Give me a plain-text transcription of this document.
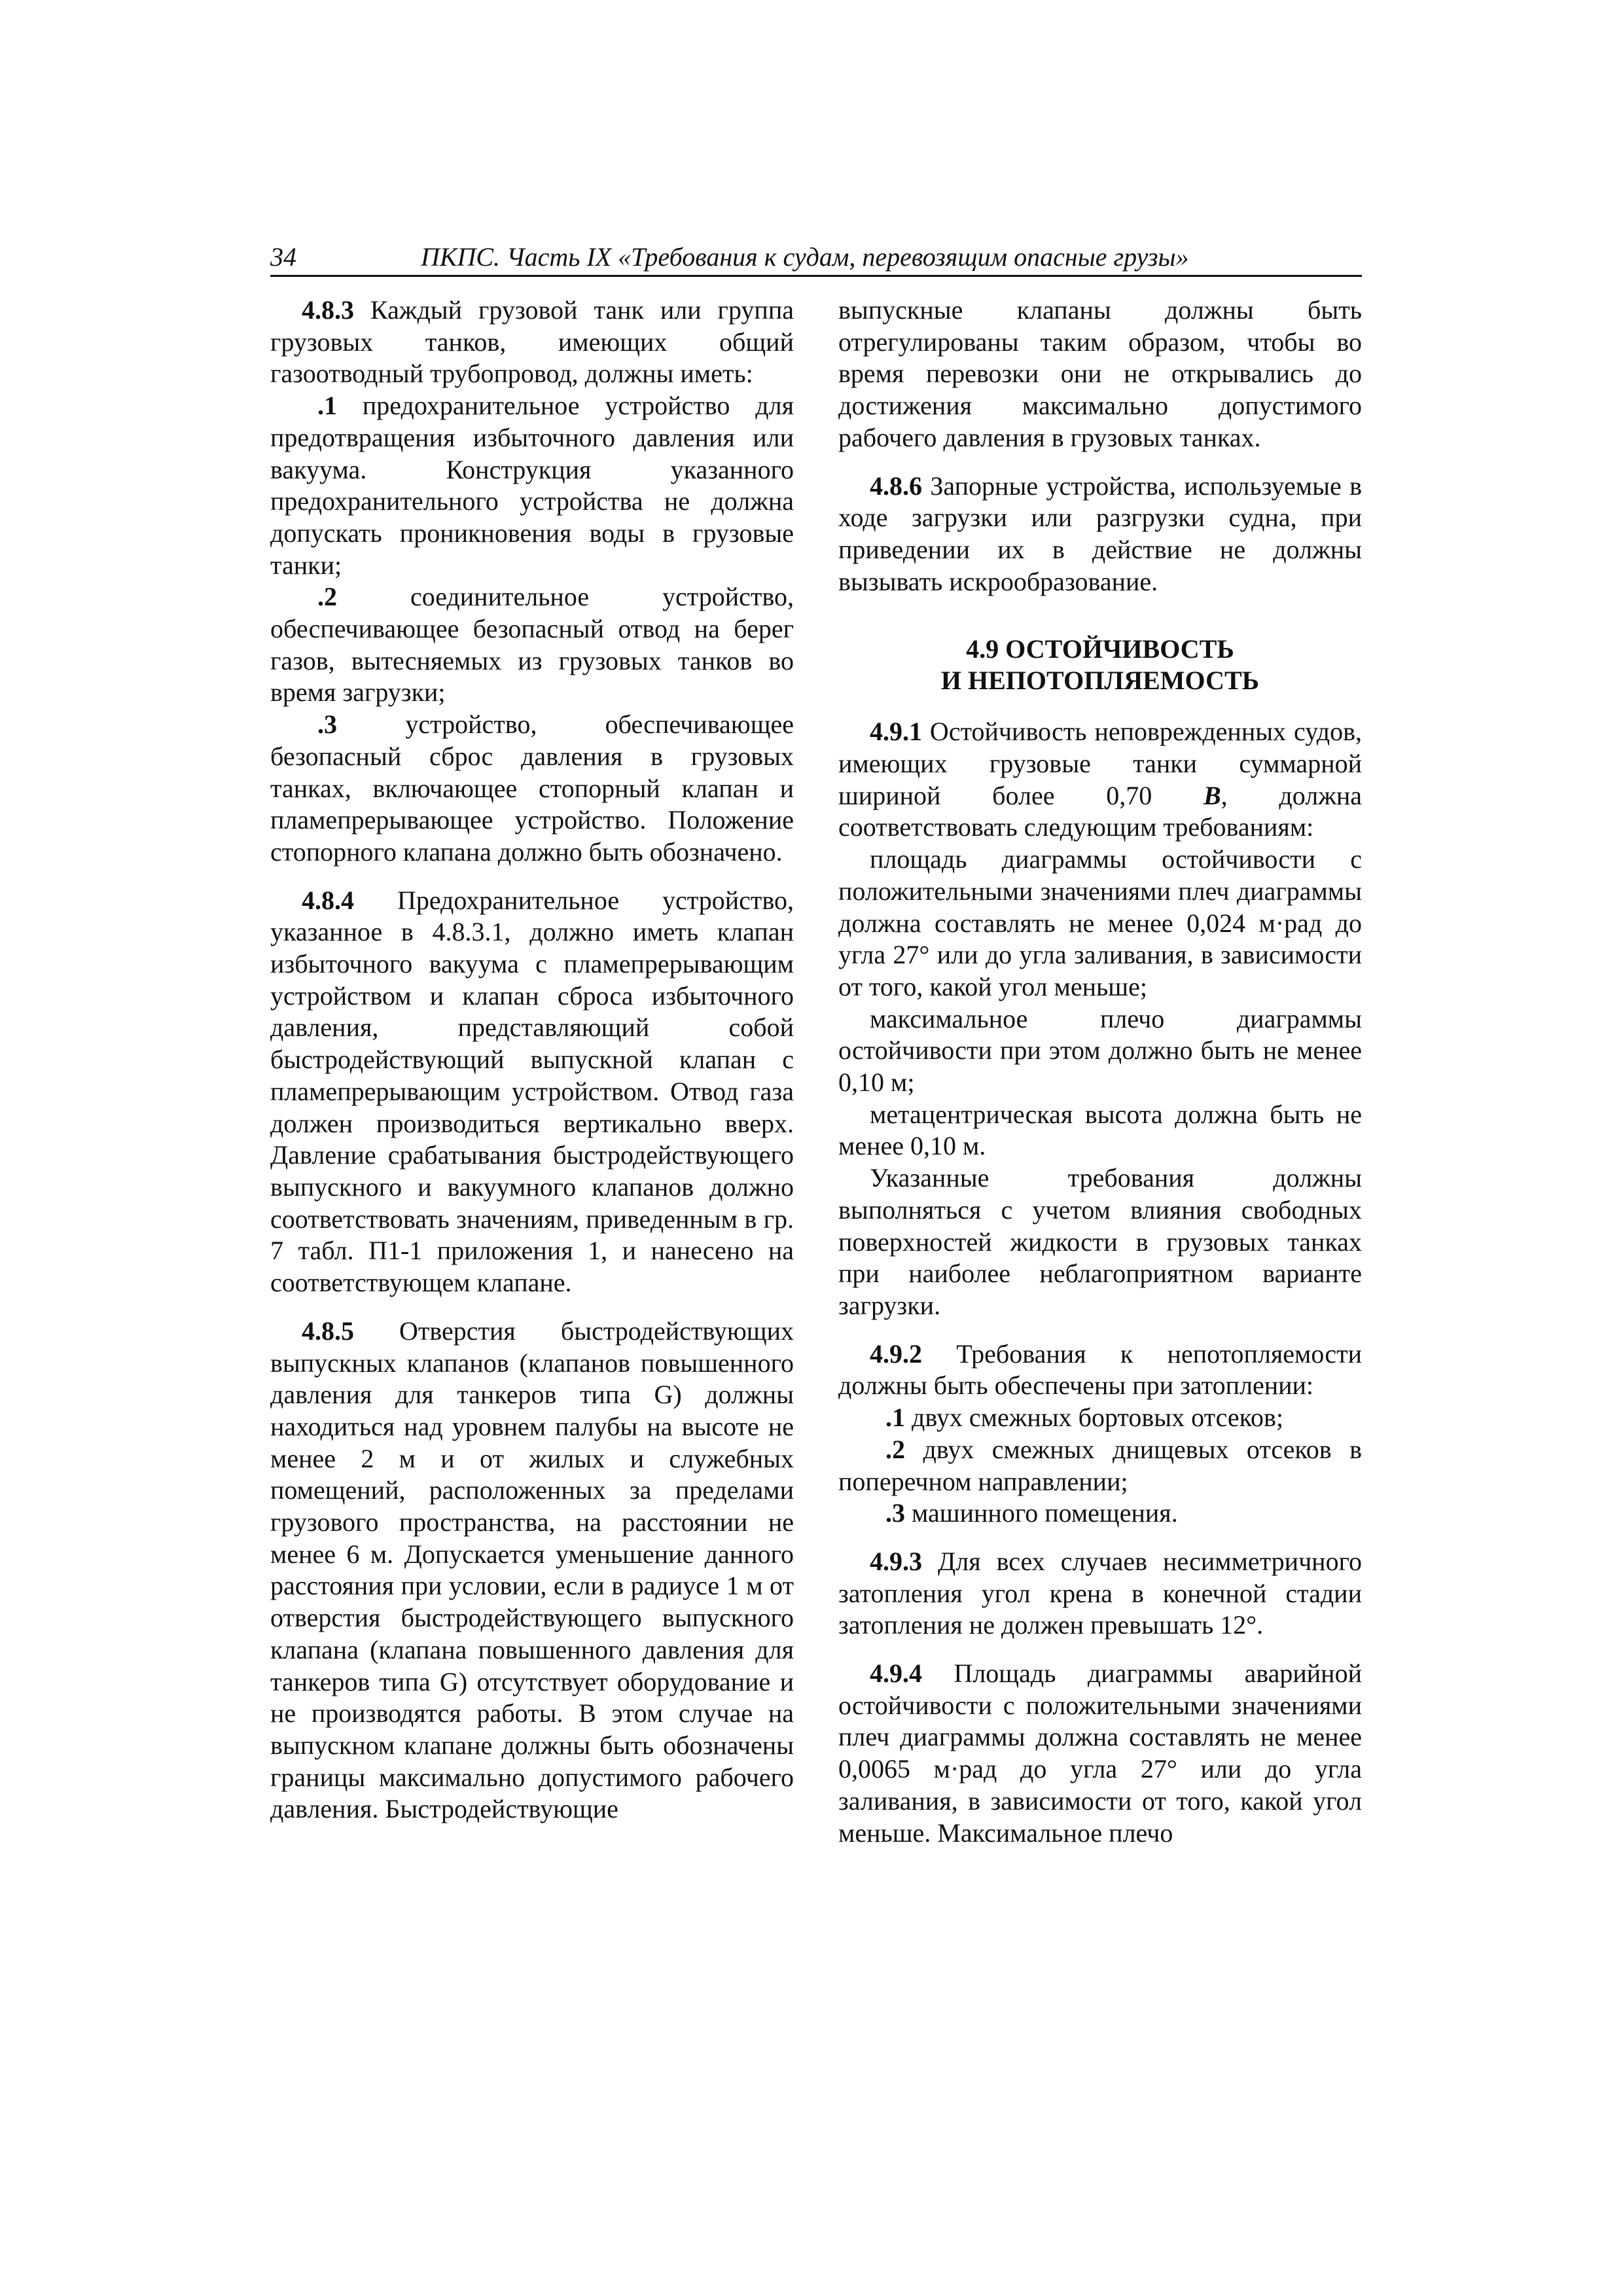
34	ПКПС. Часть IX «Требования к судам, перевозящим опасные грузы»

4.8.3 Каждый грузовой танк или группа грузовых танков, имеющих общий газоотводный трубопровод, должны иметь:

.1 предохранительное устройство для предотвращения избыточного давления или вакуума. Конструкция указанного предохранительного устройства не должна допускать проникновения воды в грузовые танки;

.2 соединительное устройство, обеспечивающее безопасный отвод на берег газов, вытесняемых из грузовых танков во время загрузки;

.3 устройство, обеспечивающее безопасный сброс давления в грузовых танках, включающее стопорный клапан и пламепрерывающее устройство. Положение стопорного клапана должно быть обозначено.

4.8.4 Предохранительное устройство, указанное в 4.8.3.1, должно иметь клапан избыточного вакуума с пламепрерывающим устройством и клапан сброса избыточного давления, представляющий собой быстродействующий выпускной клапан с пламепрерывающим устройством. Отвод газа должен производиться вертикально вверх. Давление срабатывания быстродействующего выпускного и вакуумного клапанов должно соответствовать значениям, приведенным в гр. 7 табл. П1-1 приложения 1, и нанесено на соответствующем клапане.

4.8.5 Отверстия быстродействующих выпускных клапанов (клапанов повышенного давления для танкеров типа G) должны находиться над уровнем палубы на высоте не менее 2 м и от жилых и служебных помещений, расположенных за пределами грузового пространства, на расстоянии не менее 6 м. Допускается уменьшение данного расстояния при условии, если в радиусе 1 м от отверстия быстродействующего выпускного клапана (клапана повышенного давления для танкеров типа G) отсутствует оборудование и не производятся работы. В этом случае на выпускном клапане должны быть обозначены границы максимально допустимого рабочего давления. Быстродействующие

выпускные клапаны должны быть отрегулированы таким образом, чтобы во время перевозки они не открывались до достижения максимально допустимого рабочего давления в грузовых танках.

4.8.6 Запорные устройства, используемые в ходе загрузки или разгрузки судна, при приведении их в действие не должны вызывать искрообразование.

4.9 ОСТОЙЧИВОСТЬ
И НЕПОТОПЛЯЕМОСТЬ

4.9.1 Остойчивость неповрежденных судов, имеющих грузовые танки суммарной шириной более 0,70 B, должна соответствовать следующим требованиям:

площадь диаграммы остойчивости с положительными значениями плеч диаграммы должна составлять не менее 0,024 м·рад до угла 27° или до угла заливания, в зависимости от того, какой угол меньше;

максимальное плечо диаграммы остойчивости при этом должно быть не менее 0,10 м;

метацентрическая высота должна быть не менее 0,10 м.

Указанные требования должны выполняться с учетом влияния свободных поверхностей жидкости в грузовых танках при наиболее неблагоприятном варианте загрузки.

4.9.2 Требования к непотопляемости должны быть обеспечены при затоплении:

.1 двух смежных бортовых отсеков;

.2 двух смежных днищевых отсеков в поперечном направлении;

.3 машинного помещения.

4.9.3 Для всех случаев несимметричного затопления угол крена в конечной стадии затопления не должен превышать 12°.

4.9.4 Площадь диаграммы аварийной остойчивости с положительными значениями плеч диаграммы должна составлять не менее 0,0065 м·рад до угла 27° или до угла заливания, в зависимости от того, какой угол меньше. Максимальное плечо
